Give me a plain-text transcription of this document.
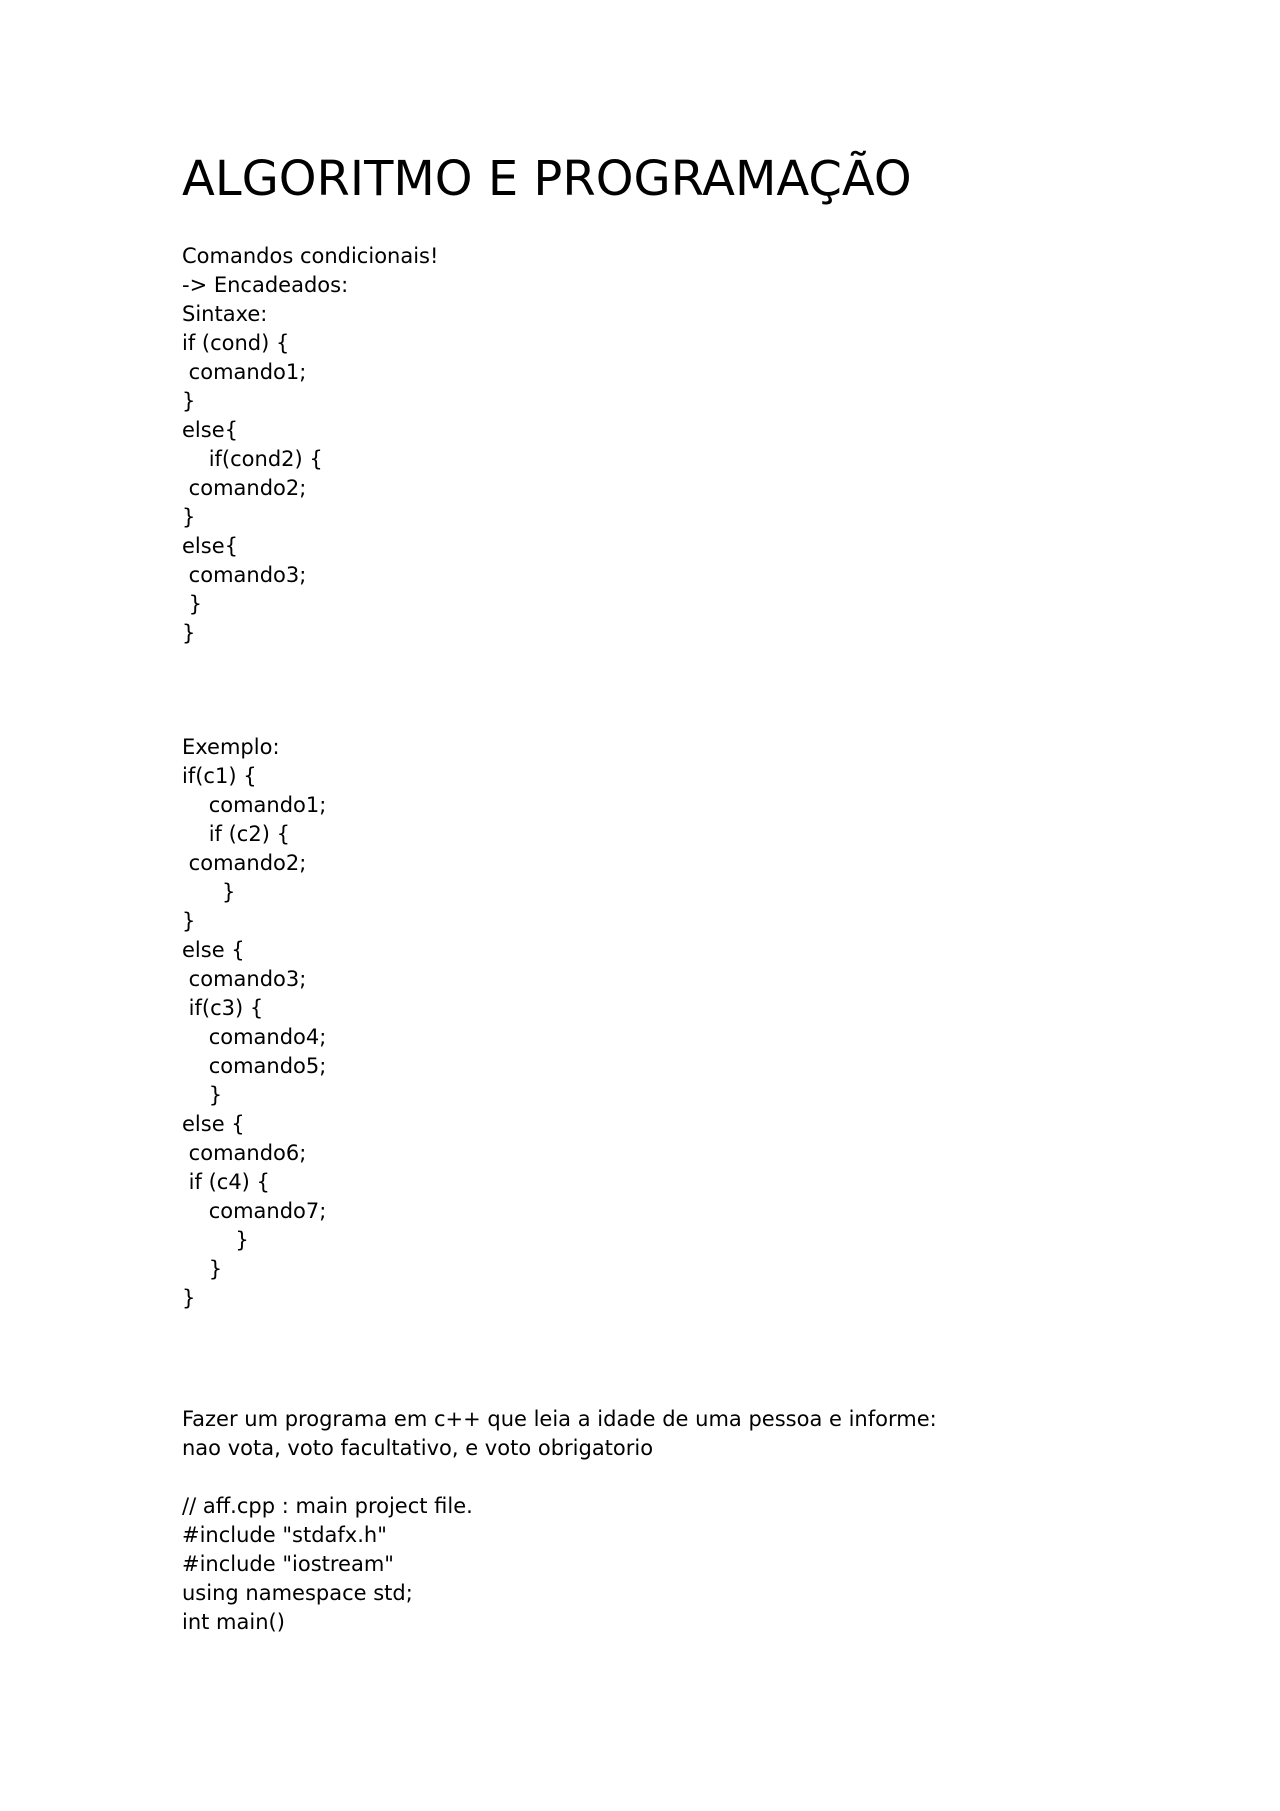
ALGORITMO E PROGRAMAÇÃO
Comandos condicionais!
-> Encadeados:
Sintaxe:
if (cond) {
comando1;
}
else{
if(cond2) {
comando2;
}
else{
comando3;
}
}
Exemplo:
if(c1) {
comando1;
if (c2) {
comando2;
}
}
else {
comando3;
if(c3) {
comando4;
comando5;
}
else {
comando6;
if (c4) {
comando7;
}
}
}
Fazer um programa em c++ que leia a idade de uma pessoa e informe:
nao vota, voto facultativo, e voto obrigatorio
// aff.cpp : main project file.
#include "stdafx.h"
#include "iostream"
using namespace std;
int main()
